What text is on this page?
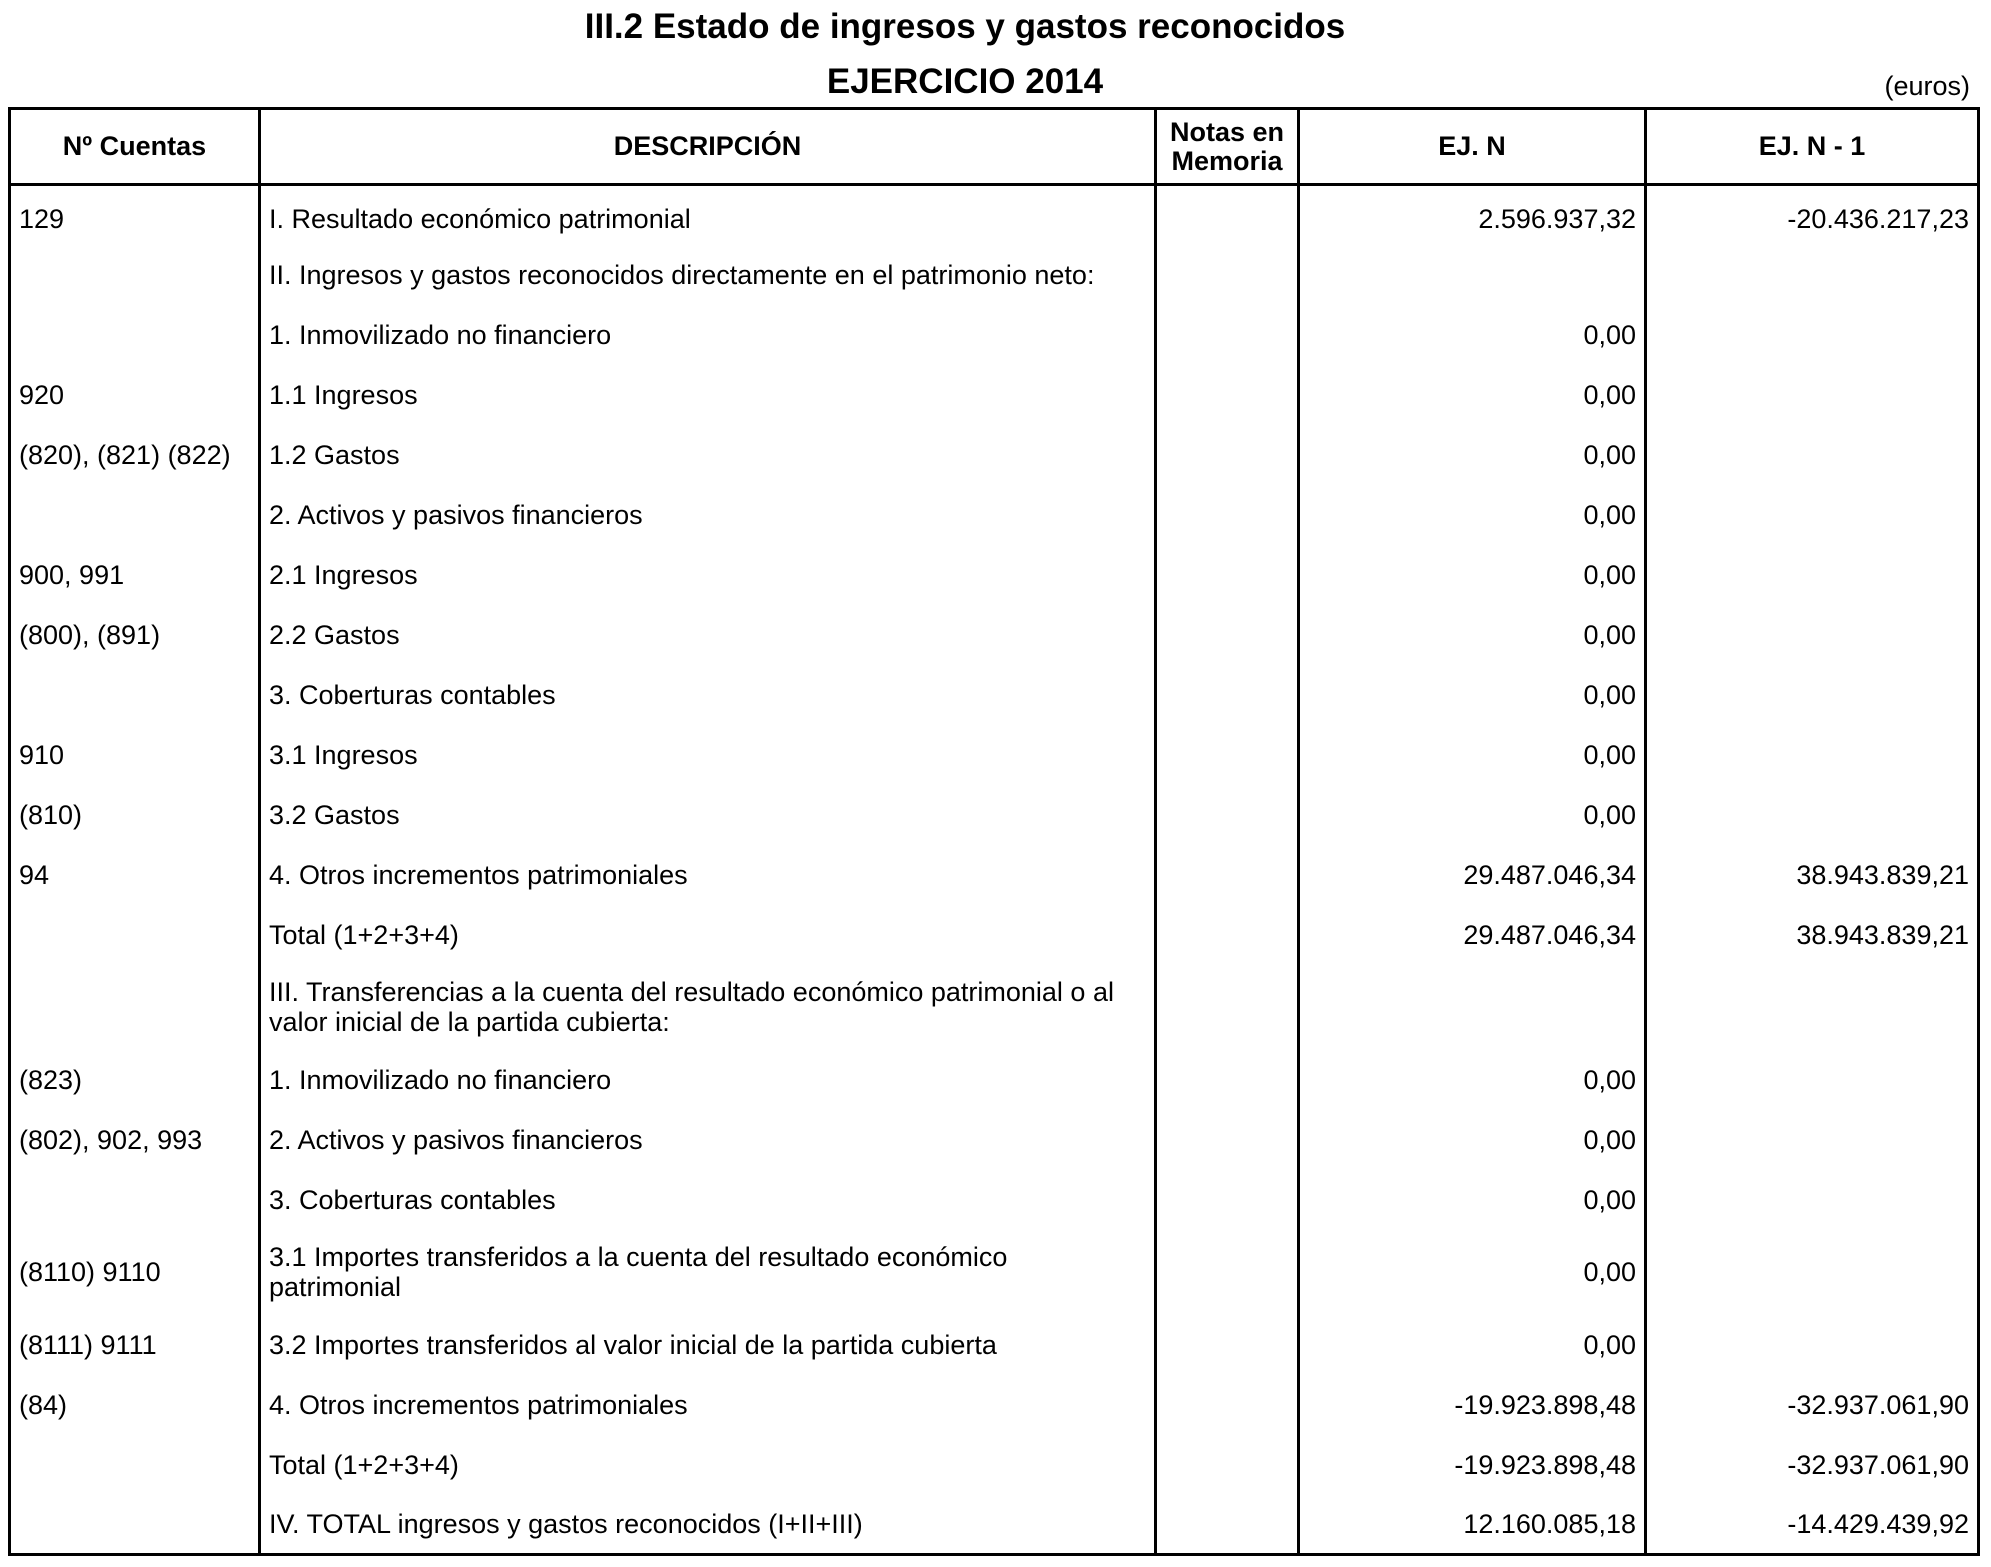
III.2 Estado de ingresos y gastos reconocidos
EJERCICIO 2014	(euros)
Nº Cuentas	DESCRIPCIÓN	Notas en Memoria	EJ. N	EJ. N - 1
129	I. Resultado económico patrimonial		2.596.937,32	-20.436.217,23
	II. Ingresos y gastos reconocidos directamente en el patrimonio neto:			
	1. Inmovilizado no financiero		0,00	
920	1.1 Ingresos		0,00	
(820), (821) (822)	1.2 Gastos		0,00	
	2. Activos y pasivos financieros		0,00	
900, 991	2.1 Ingresos		0,00	
(800), (891)	2.2 Gastos		0,00	
	3. Coberturas contables		0,00	
910	3.1 Ingresos		0,00	
(810)	3.2 Gastos		0,00	
94	4. Otros incrementos patrimoniales		29.487.046,34	38.943.839,21
	Total (1+2+3+4)		29.487.046,34	38.943.839,21
	III. Transferencias a la cuenta del resultado económico patrimonial o al valor inicial de la partida cubierta:			
(823)	1. Inmovilizado no financiero		0,00	
(802), 902, 993	2. Activos y pasivos financieros		0,00	
	3. Coberturas contables		0,00	
(8110) 9110	3.1 Importes transferidos a la cuenta del resultado económico patrimonial		0,00	
(8111) 9111	3.2 Importes transferidos al valor inicial de la partida cubierta		0,00	
(84)	4. Otros incrementos patrimoniales		-19.923.898,48	-32.937.061,90
	Total (1+2+3+4)		-19.923.898,48	-32.937.061,90
	IV. TOTAL ingresos y gastos reconocidos (I+II+III)		12.160.085,18	-14.429.439,92
